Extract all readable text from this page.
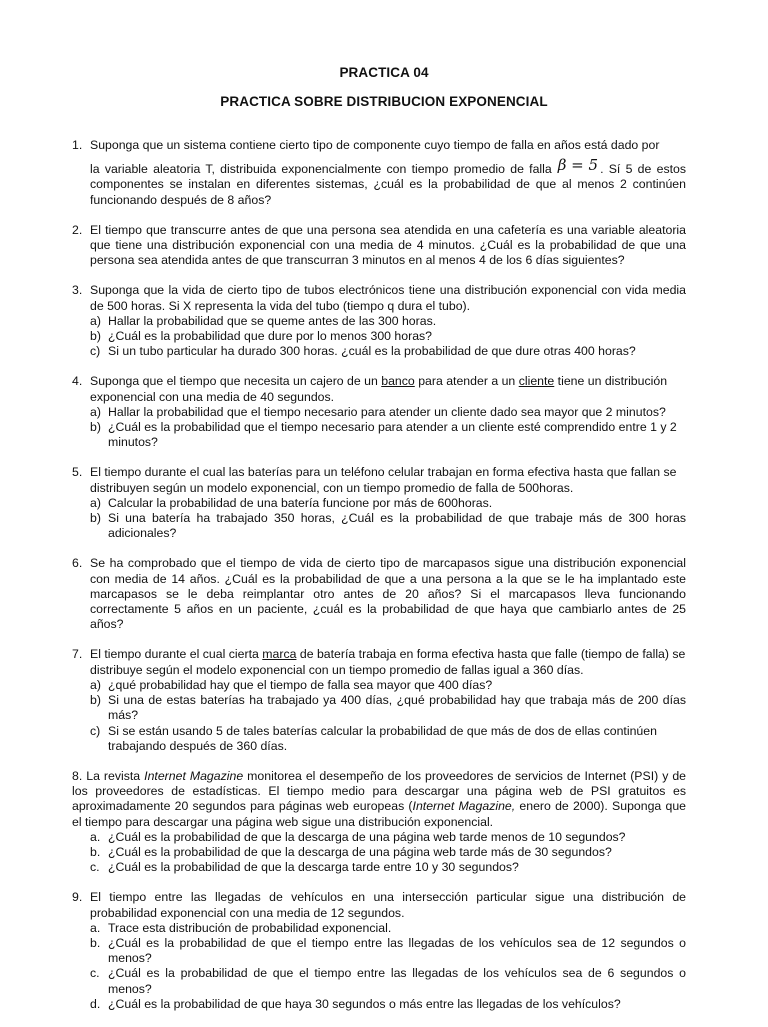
PRACTICA 04
PRACTICA SOBRE DISTRIBUCION EXPONENCIAL
1. Suponga que un sistema contiene cierto tipo de componente cuyo tiempo de falla en años está dado por
la variable aleatoria T, distribuida exponencialmente con tiempo promedio de falla β = 5 . Sí 5 de estos componentes se instalan en diferentes sistemas, ¿cuál es la probabilidad de que al menos 2 continúen funcionando después de 8 años?
2. El tiempo que transcurre antes de que una persona sea atendida en una cafetería es una variable aleatoria que tiene una distribución exponencial con una media de 4 minutos. ¿Cuál es la probabilidad de que una persona sea atendida antes de que transcurran 3 minutos en al menos 4 de los 6 días siguientes?
3. Suponga que la vida de cierto tipo de tubos electrónicos tiene una distribución exponencial con vida media de 500 horas. Si X representa la vida del tubo (tiempo q dura el tubo).
a) Hallar la probabilidad que se queme antes de las 300 horas.
b) ¿Cuál es la probabilidad que dure por lo menos 300 horas?
c) Si un tubo particular ha durado 300 horas. ¿cuál es la probabilidad de que dure otras 400 horas?
4. Suponga que el tiempo que necesita un cajero de un banco para atender a un cliente tiene un distribución exponencial con una media de 40 segundos.
a) Hallar la probabilidad que el tiempo necesario para atender un cliente dado sea mayor que 2 minutos?
b) ¿Cuál es la probabilidad que el tiempo necesario para atender a un cliente esté comprendido entre 1 y 2 minutos?
5. El tiempo durante el cual las baterías para un teléfono celular trabajan en forma efectiva hasta que fallan se distribuyen según un modelo exponencial, con un tiempo promedio de falla de 500horas.
a) Calcular la probabilidad de una batería funcione por más de 600horas.
b) Si una batería ha trabajado 350 horas, ¿Cuál es la probabilidad de que trabaje más de 300 horas adicionales?
6. Se ha comprobado que el tiempo de vida de cierto tipo de marcapasos sigue una distribución exponencial con media de 14 años. ¿Cuál es la probabilidad de que a una persona a la que se le ha implantado este marcapasos se le deba reimplantar otro antes de 20 años? Si el marcapasos lleva funcionando correctamente 5 años en un paciente, ¿cuál es la probabilidad de que haya que cambiarlo antes de 25 años?
7. El tiempo durante el cual cierta marca de batería trabaja en forma efectiva hasta que falle (tiempo de falla) se distribuye según el modelo exponencial con un tiempo promedio de fallas igual a 360 días.
a) ¿qué probabilidad hay que el tiempo de falla sea mayor que 400 días?
b) Si una de estas baterías ha trabajado ya 400 días, ¿qué probabilidad hay que trabaja más de 200 días más?
c) Si se están usando 5 de tales baterías calcular la probabilidad de que más de dos de ellas continúen trabajando después de 360 días.
8. La revista Internet Magazine monitorea el desempeño de los proveedores de servicios de Internet (PSI) y de los proveedores de estadísticas. El tiempo medio para descargar una página web de PSI gratuitos es aproximadamente 20 segundos para páginas web europeas (Internet Magazine, enero de 2000). Suponga que el tiempo para descargar una página web sigue una distribución exponencial.
a. ¿Cuál es la probabilidad de que la descarga de una página web tarde menos de 10 segundos?
b. ¿Cuál es la probabilidad de que la descarga de una página web tarde más de 30 segundos?
c. ¿Cuál es la probabilidad de que la descarga tarde entre 10 y 30 segundos?
9. El tiempo entre las llegadas de vehículos en una intersección particular sigue una distribución de probabilidad exponencial con una media de 12 segundos.
a. Trace esta distribución de probabilidad exponencial.
b. ¿Cuál es la probabilidad de que el tiempo entre las llegadas de los vehículos sea de 12 segundos o menos?
c. ¿Cuál es la probabilidad de que el tiempo entre las llegadas de los vehículos sea de 6 segundos o menos?
d. ¿Cuál es la probabilidad de que haya 30 segundos o más entre las llegadas de los vehículos?
